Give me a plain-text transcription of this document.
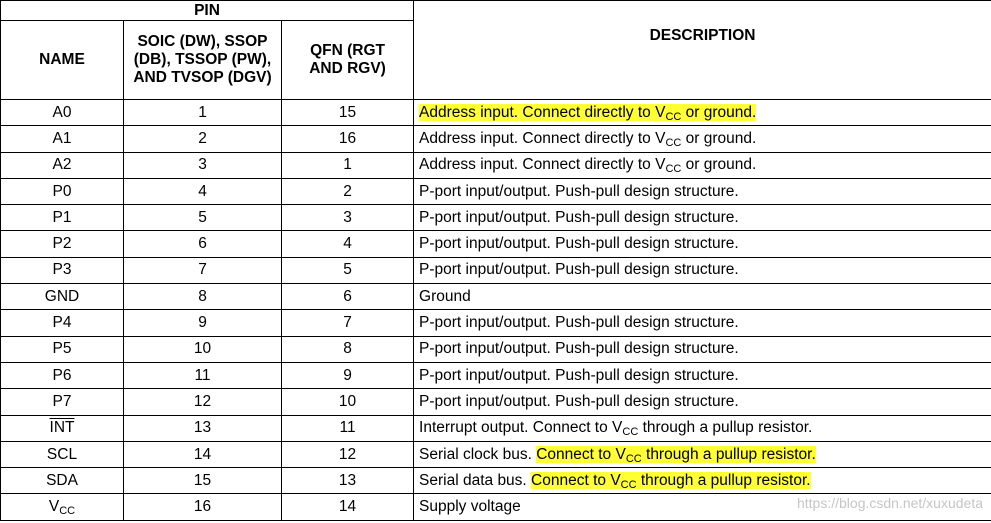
PIN			DESCRIPTION
NAME	SOIC (DW), SSOP (DB), TSSOP (PW), AND TVSOP (DGV)	QFN (RGT AND RGV)	
A0	1	15	Address input. Connect directly to $V_{CC}$ or ground.
A1	2	16	Address input. Connect directly to $V_{CC}$ or ground.
A2	3	1	Address input. Connect directly to $V_{CC}$ or ground.
P0	4	2	P-port input/output. Push-pull design structure.
P1	5	3	P-port input/output. Push-pull design structure.
P2	6	4	P-port input/output. Push-pull design structure.
P3	7	5	P-port input/output. Push-pull design structure.
GND	8	6	Ground
P4	9	7	P-port input/output. Push-pull design structure.
P5	10	8	P-port input/output. Push-pull design structure.
P6	11	9	P-port input/output. Push-pull design structure.
P7	12	10	P-port input/output. Push-pull design structure.
$\overline{INT}$	13	11	Interrupt output. Connect to $V_{CC}$ through a pullup resistor.
SCL	14	12	Serial clock bus. Connect to $V_{CC}$ through a pullup resistor.
SDA	15	13	Serial data bus. Connect to $V_{CC}$ through a pullup resistor.
$V_{CC}$	16	14	Supply voltage	https://blog.csdn.net/xuxudeta
